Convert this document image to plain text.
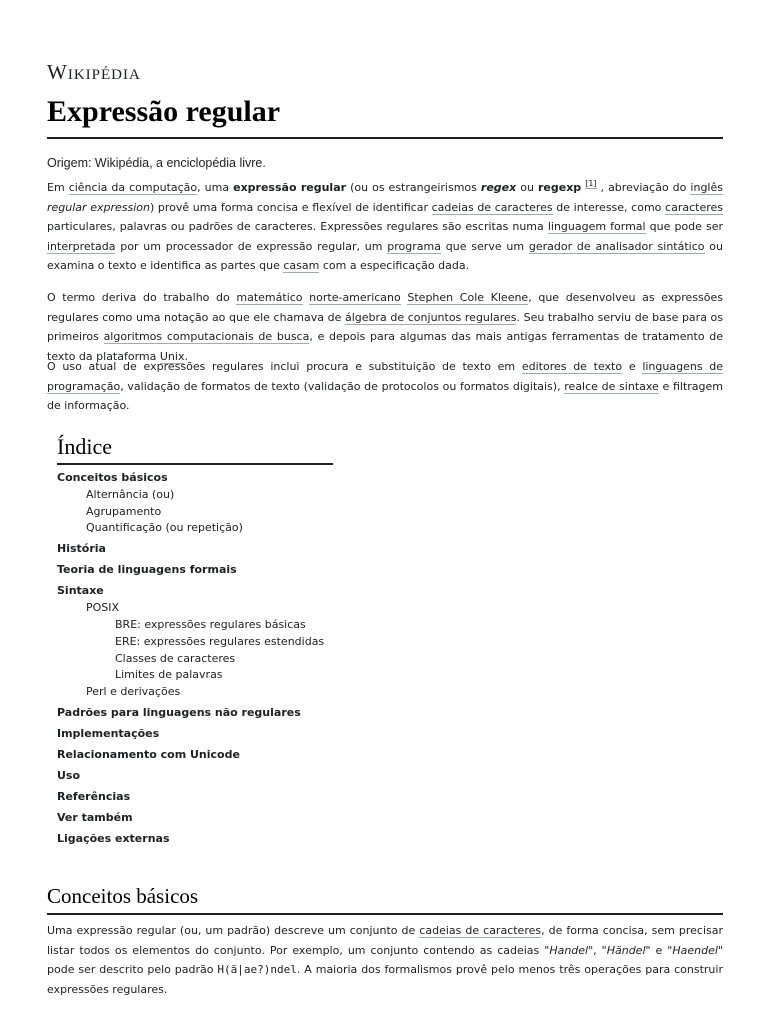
Wikipédia
Expressão regular
Origem: Wikipédia, a enciclopédia livre.

Em ciência da computação, uma expressão regular (ou os estrangeirismos regex ou regexp [1] , abreviação do inglês regular expression) provê uma forma concisa e flexível de identificar cadeias de caracteres de interesse, como caracteres particulares, palavras ou padrões de caracteres. Expressões regulares são escritas numa linguagem formal que pode ser interpretada por um processador de expressão regular, um programa que serve um gerador de analisador sintático ou examina o texto e identifica as partes que casam com a especificação dada.

O termo deriva do trabalho do matemático norte-americano Stephen Cole Kleene, que desenvolveu as expressões regulares como uma notação ao que ele chamava de álgebra de conjuntos regulares. Seu trabalho serviu de base para os primeiros algoritmos computacionais de busca, e depois para algumas das mais antigas ferramentas de tratamento de texto da plataforma Unix.

O uso atual de expressões regulares inclui procura e substituição de texto em editores de texto e linguagens de programação, validação de formatos de texto (validação de protocolos ou formatos digitais), realce de sintaxe e filtragem de informação.

Índice
Conceitos básicos
Alternância (ou)
Agrupamento
Quantificação (ou repetição)
História
Teoria de linguagens formais
Sintaxe
POSIX
BRE: expressões regulares básicas
ERE: expressões regulares estendidas
Classes de caracteres
Limites de palavras
Perl e derivações
Padrões para linguagens não regulares
Implementações
Relacionamento com Unicode
Uso
Referências
Ver também
Ligações externas
Conceitos básicos

Uma expressão regular (ou, um padrão) descreve um conjunto de cadeias de caracteres, de forma concisa, sem precisar listar todos os elementos do conjunto. Por exemplo, um conjunto contendo as cadeias "Handel", "Händel" e "Haendel" pode ser descrito pelo padrão H(ä|ae?)ndel. A maioria dos formalismos provê pelo menos três operações para construir expressões regulares.
